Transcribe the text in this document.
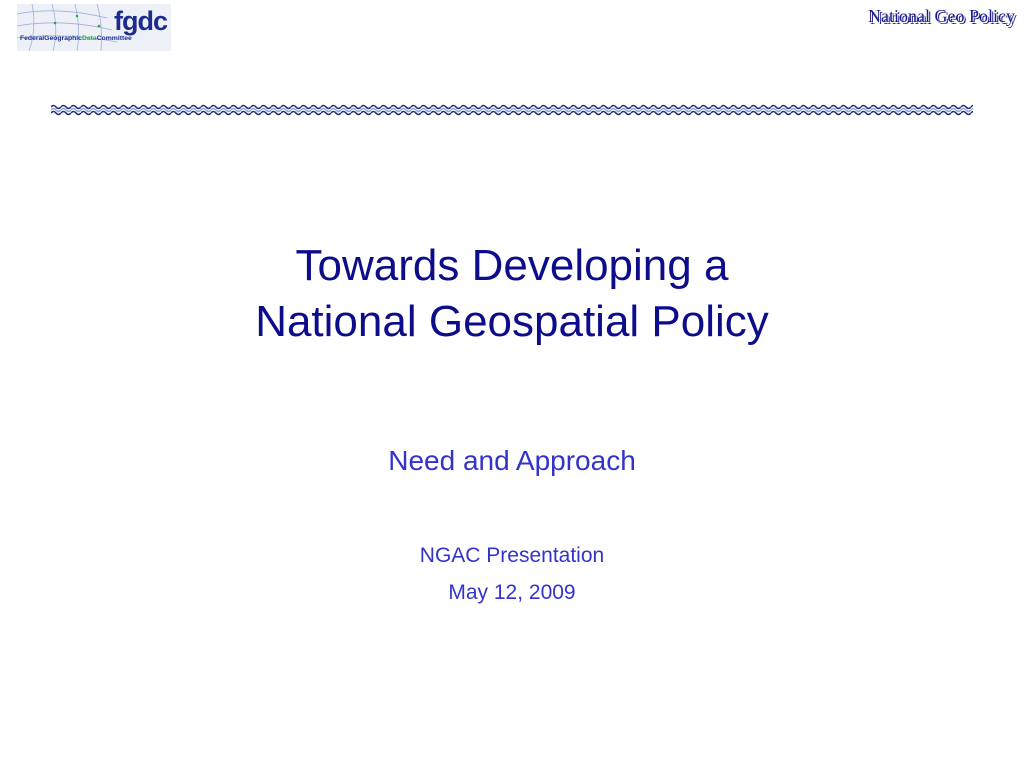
fgdc
FederalGeographicDataCommittee
National Geo Policy
Towards Developing a
National Geospatial Policy
Need and Approach
NGAC Presentation
May 12, 2009
